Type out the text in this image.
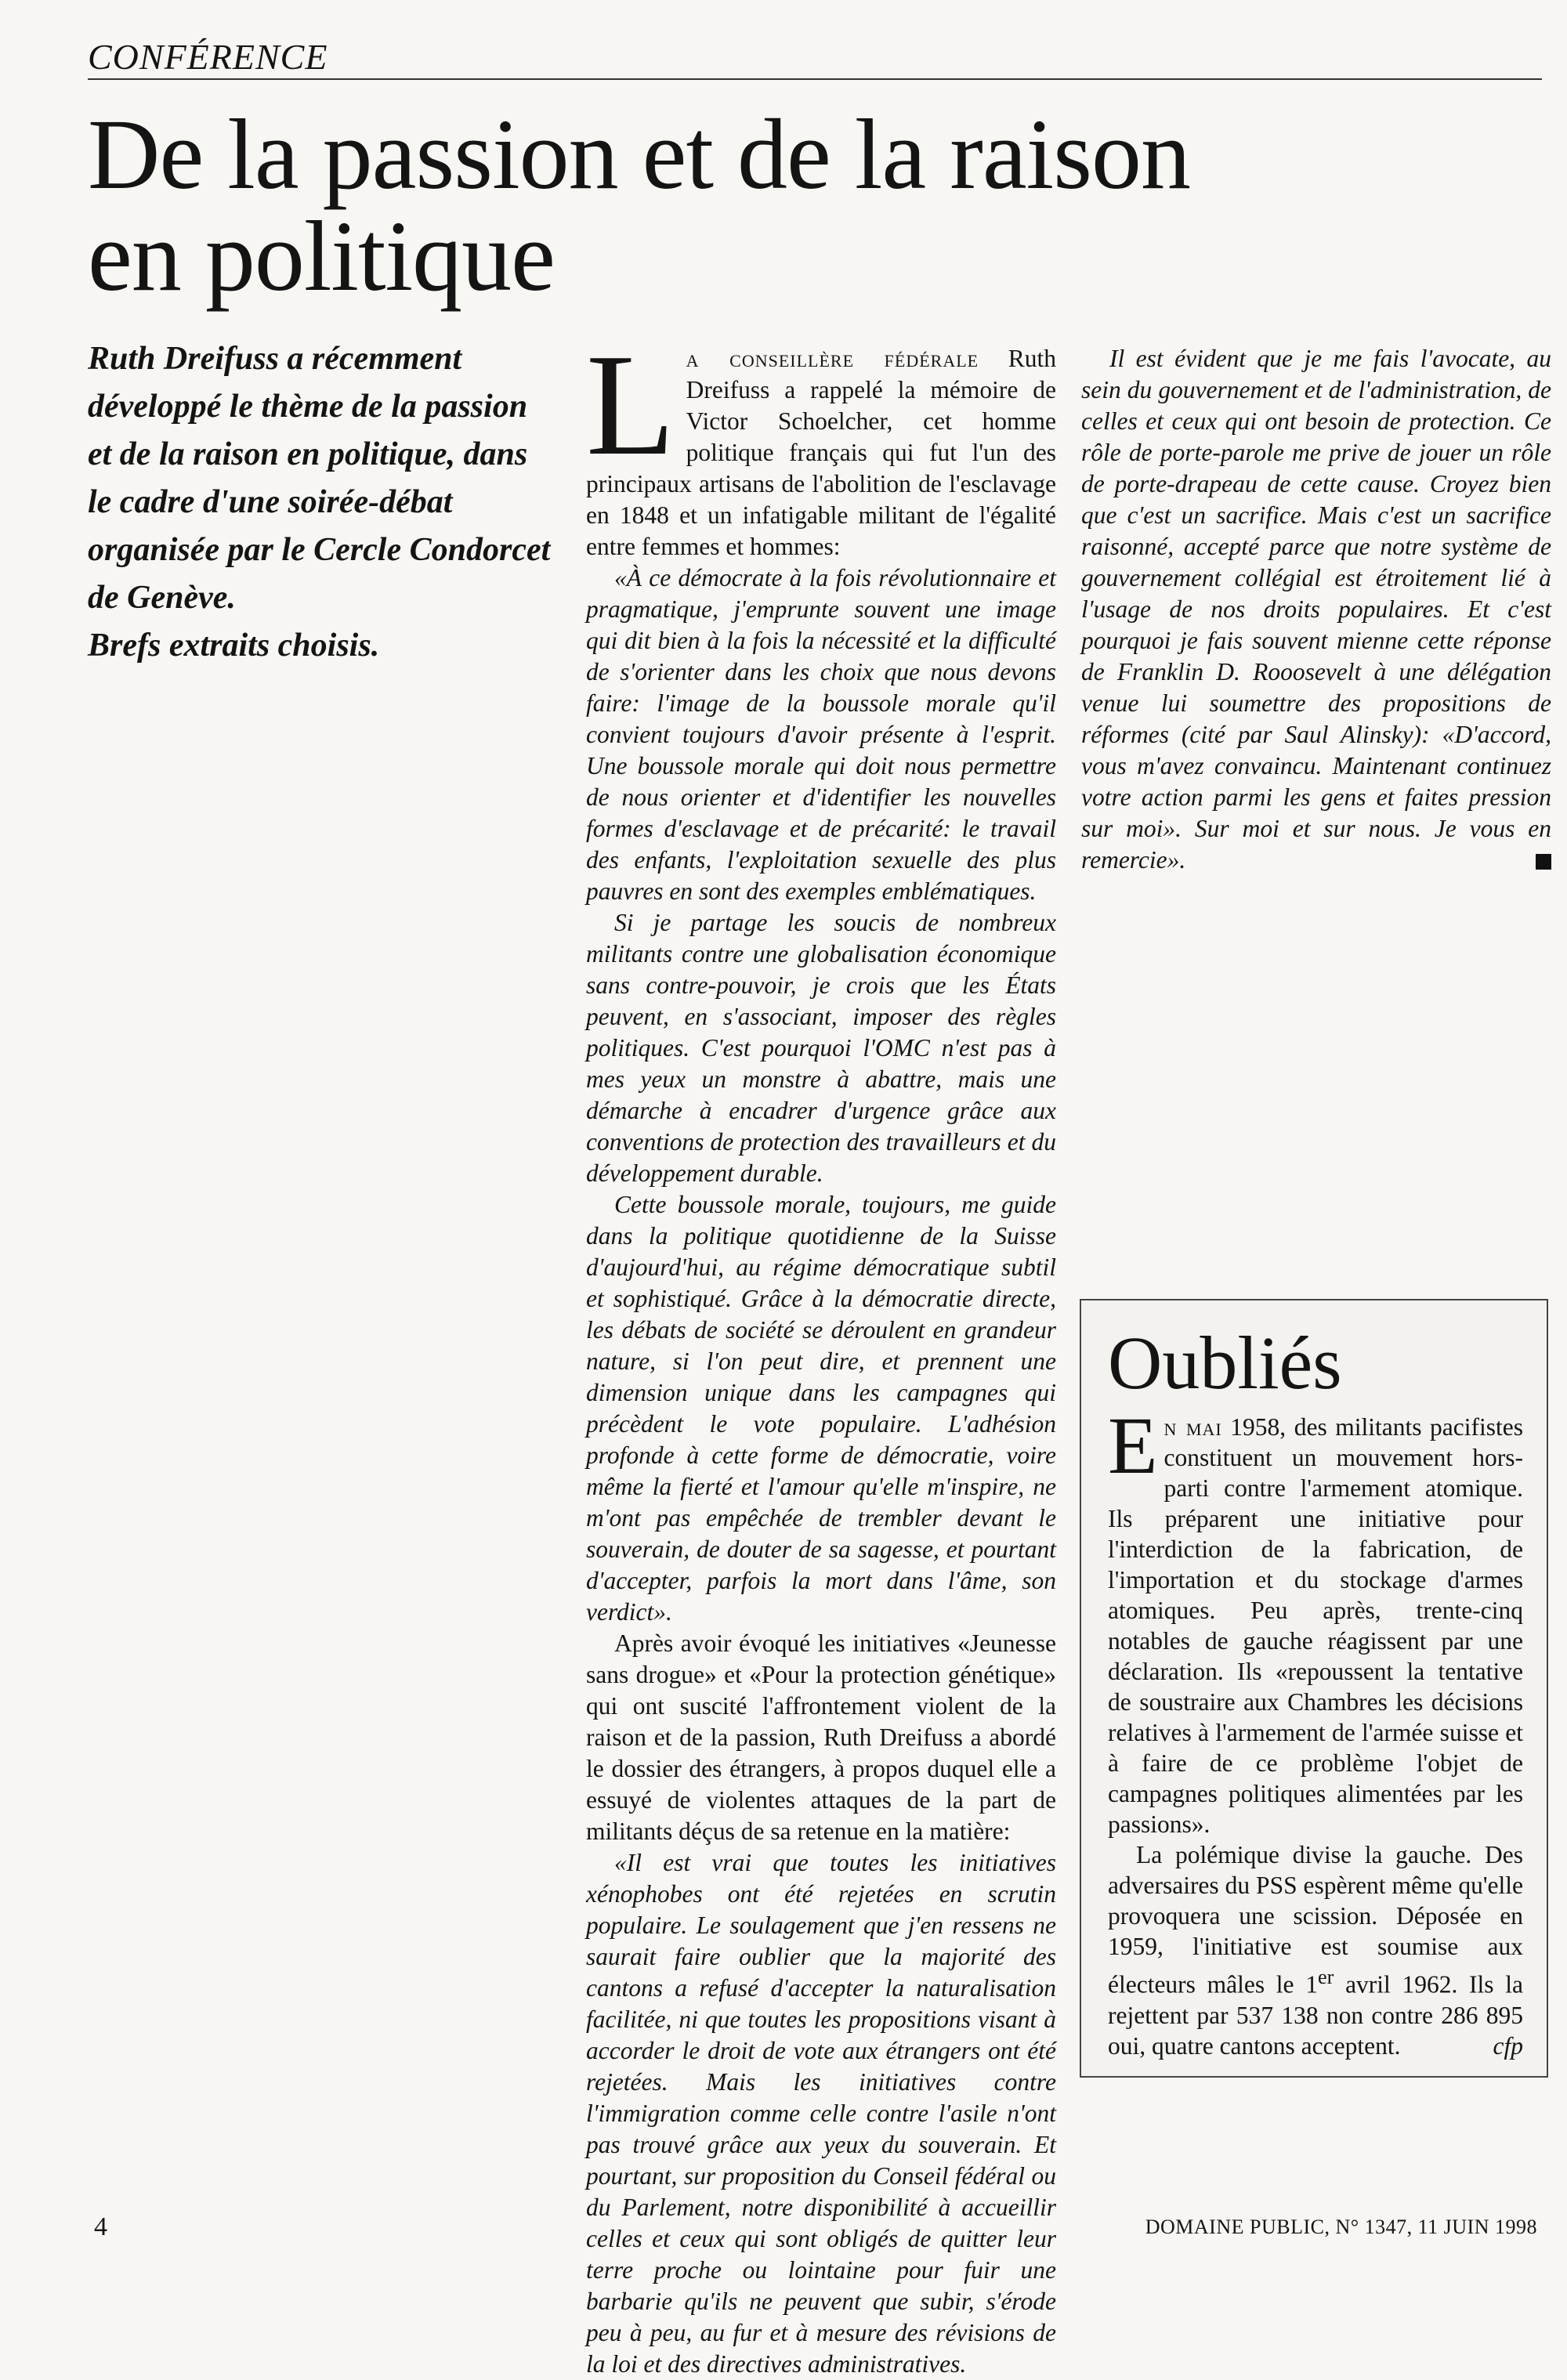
CONFÉRENCE
De la passion et de la raison
en politique

Ruth Dreifuss a récemment développé le thème de la passion et de la raison en politique, dans le cadre d'une soirée-débat organisée par le Cercle Condorcet de Genève.

Brefs extraits choisis.

La conseillère fédérale Ruth Dreifuss a rappelé la mémoire de Victor Schoelcher, cet homme politique français qui fut l'un des principaux artisans de l'abolition de l'esclavage en 1848 et un infatigable militant de l'égalité entre femmes et hommes:

«À ce démocrate à la fois révolutionnaire et pragmatique, j'emprunte souvent une image qui dit bien à la fois la nécessité et la difficulté de s'orienter dans les choix que nous devons faire: l'image de la boussole morale qu'il convient toujours d'avoir présente à l'esprit. Une boussole morale qui doit nous permettre de nous orienter et d'identifier les nouvelles formes d'esclavage et de précarité: le travail des enfants, l'exploitation sexuelle des plus pauvres en sont des exemples emblématiques.

Si je partage les soucis de nombreux militants contre une globalisation économique sans contre-pouvoir, je crois que les États peuvent, en s'associant, imposer des règles politiques. C'est pourquoi l'OMC n'est pas à mes yeux un monstre à abattre, mais une démarche à encadrer d'urgence grâce aux conventions de protection des travailleurs et du développement durable.

Cette boussole morale, toujours, me guide dans la politique quotidienne de la Suisse d'aujourd'hui, au régime démocratique subtil et sophistiqué. Grâce à la démocratie directe, les débats de société se déroulent en grandeur nature, si l'on peut dire, et prennent une dimension unique dans les campagnes qui précèdent le vote populaire. L'adhésion profonde à cette forme de démocratie, voire même la fierté et l'amour qu'elle m'inspire, ne m'ont pas empêchée de trembler devant le souverain, de douter de sa sagesse, et pourtant d'accepter, parfois la mort dans l'âme, son verdict».

Après avoir évoqué les initiatives «Jeunesse sans drogue» et «Pour la protection génétique» qui ont suscité l'affrontement violent de la raison et de la passion, Ruth Dreifuss a abordé le dossier des étrangers, à propos duquel elle a essuyé de violentes attaques de la part de militants déçus de sa retenue en la matière:

«Il est vrai que toutes les initiatives xénophobes ont été rejetées en scrutin populaire. Le soulagement que j'en ressens ne saurait faire oublier que la majorité des cantons a refusé d'accepter la naturalisation facilitée, ni que toutes les propositions visant à accorder le droit de vote aux étrangers ont été rejetées. Mais les initiatives contre l'immigration comme celle contre l'asile n'ont pas trouvé grâce aux yeux du souverain. Et pourtant, sur proposition du Conseil fédéral ou du Parlement, notre disponibilité à accueillir celles et ceux qui sont obligés de quitter leur terre proche ou lointaine pour fuir une barbarie qu'ils ne peuvent que subir, s'érode peu à peu, au fur et à mesure des révisions de la loi et des directives administratives.

Il est évident que je me fais l'avocate, au sein du gouvernement et de l'administration, de celles et ceux qui ont besoin de protection. Ce rôle de porte-parole me prive de jouer un rôle de porte-drapeau de cette cause. Croyez bien que c'est un sacrifice. Mais c'est un sacrifice raisonné, accepté parce que notre système de gouvernement collégial est étroitement lié à l'usage de nos droits populaires. Et c'est pourquoi je fais souvent mienne cette réponse de Franklin D. Rooosevelt à une délégation venue lui soumettre des propositions de réformes (cité par Saul Alinsky): «D'accord, vous m'avez convaincu. Maintenant continuez votre action parmi les gens et faites pression sur moi». Sur moi et sur nous. Je vous en remercie».

Oubliés

En mai 1958, des militants pacifistes constituent un mouvement hors-parti contre l'armement atomique. Ils préparent une initiative pour l'interdiction de la fabrication, de l'importation et du stockage d'armes atomiques. Peu après, trente-cinq notables de gauche réagissent par une déclaration. Ils «repoussent la tentative de soustraire aux Chambres les décisions relatives à l'armement de l'armée suisse et à faire de ce problème l'objet de campagnes politiques alimentées par les passions».

La polémique divise la gauche. Des adversaires du PSS espèrent même qu'elle provoquera une scission. Déposée en 1959, l'initiative est soumise aux électeurs mâles le 1er avril 1962. Ils la rejettent par 537 138 non contre 286 895 oui, quatre cantons acceptent.	cfp

4	DOMAINE PUBLIC, N° 1347, 11 JUIN 1998
